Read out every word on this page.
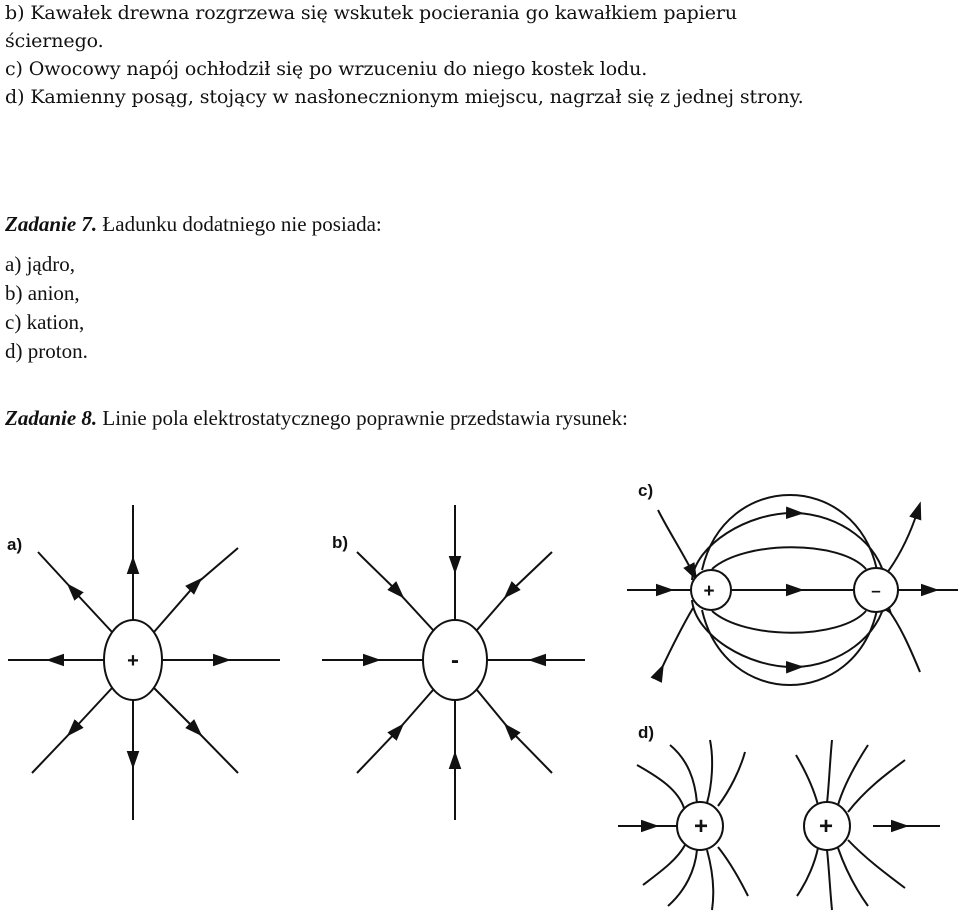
b) Kawałek drewna rozgrzewa się wskutek pocierania go kawałkiem papieru
ściernego.
c) Owocowy napój ochłodził się po wrzuceniu do niego kostek lodu.
d) Kamienny posąg, stojący w nasłonecznionym miejscu, nagrzał się z jednej strony.
Zadanie 7. Ładunku dodatniego nie posiada:
a) jądro,
b) anion,
c) kation,
d) proton.
Zadanie 8. Linie pola elektrostatycznego poprawnie przedstawia rysunek:
a)
+
b)
-
c)
+	–
d)
+	+
